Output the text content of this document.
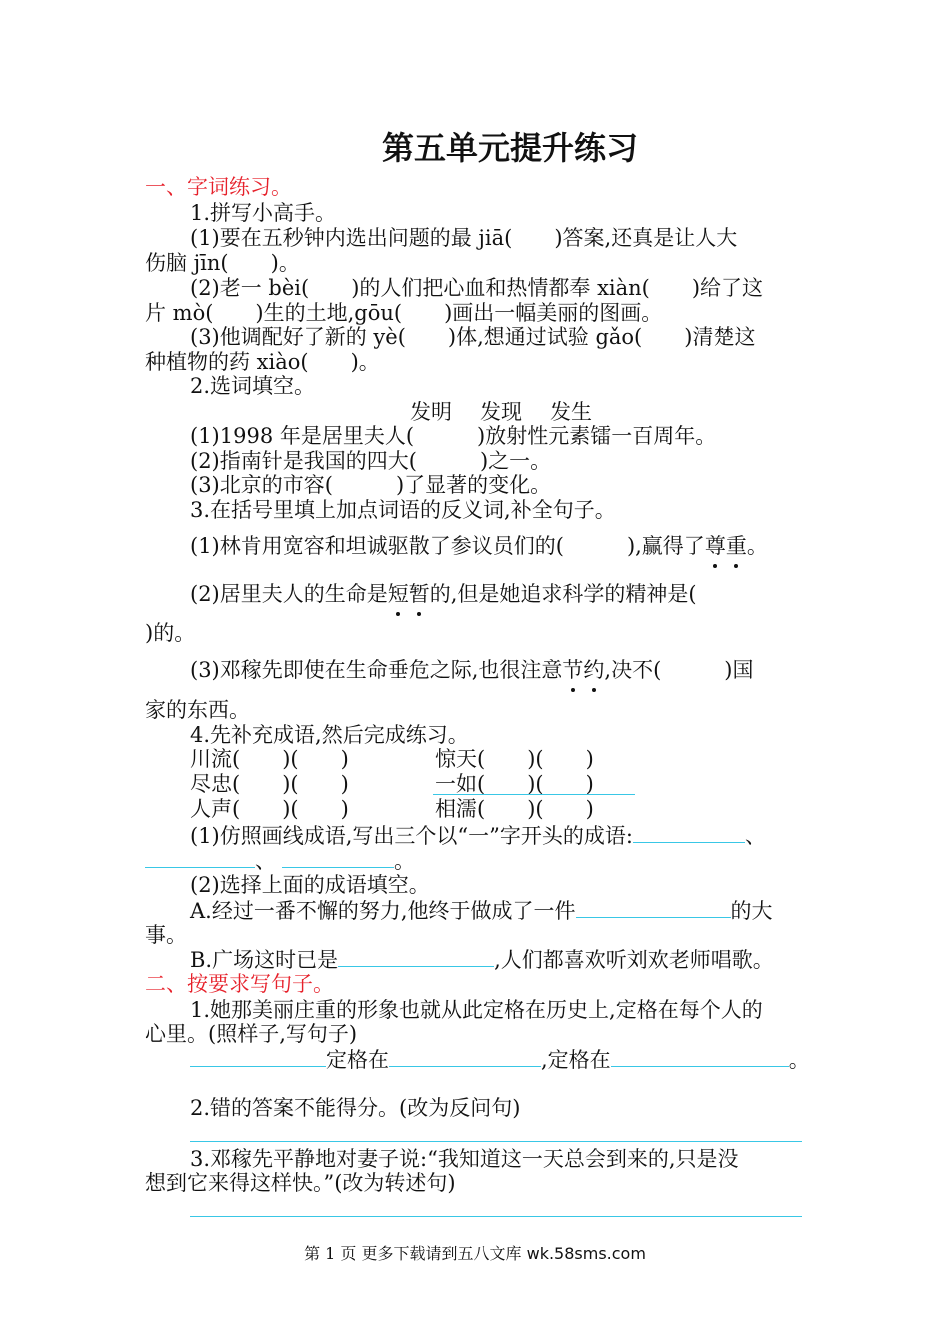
第五单元提升练习
一、字词练习。
1.拼写小高手。
(1)要在五秒钟内选出问题的最 jiā(　　)答案,还真是让人大
伤脑 jīn(　　)。
(2)老一 bèi(　　)的人们把心血和热情都奉 xiàn(　　)给了这
片 mò(　　)生的土地,gōu(　　)画出一幅美丽的图画。
(3)他调配好了新的 yè(　　)体,想通过试验 gǎo(　　)清楚这
种植物的药 xiào(　　)。
2.选词填空。
发明 发现 发生
(1)1998 年是居里夫人(　　　)放射性元素镭一百周年。
(2)指南针是我国的四大(　　　)之一。
(3)北京的市容(　　　)了显著的变化。
3.在括号里填上加点词语的反义词,补全句子。
(1)林肯用宽容和坦诚驱散了参议员们的(　　　),赢得了尊重。
(2)居里夫人的生命是短暂的,但是她追求科学的精神是(
)的。
(3)邓稼先即使在生命垂危之际,也很注意节约,决不(　　　)国
家的东西。
4.先补充成语,然后完成练习。
川流(　　)(　　)	惊天(　　)(　　)
尽忠(　　)(　　)	一如(　　)(　　)
人声(　　)(　　)	相濡(　　)(　　)
(1)仿照画线成语,写出三个以“一”字开头的成语:	、
、	。
(2)选择上面的成语填空。
A.经过一番不懈的努力,他终于做成了一件	的大
事。
B.广场这时已是	,人们都喜欢听刘欢老师唱歌。
二、按要求写句子。
1.她那美丽庄重的形象也就从此定格在历史上,定格在每个人的
心里。(照样子,写句子)
定格在	,定格在	。
2.错的答案不能得分。(改为反问句)
3.邓稼先平静地对妻子说:“我知道这一天总会到来的,只是没
想到它来得这样快。”(改为转述句)
第 1 页 更多下载请到五八文库 wk.58sms.com
